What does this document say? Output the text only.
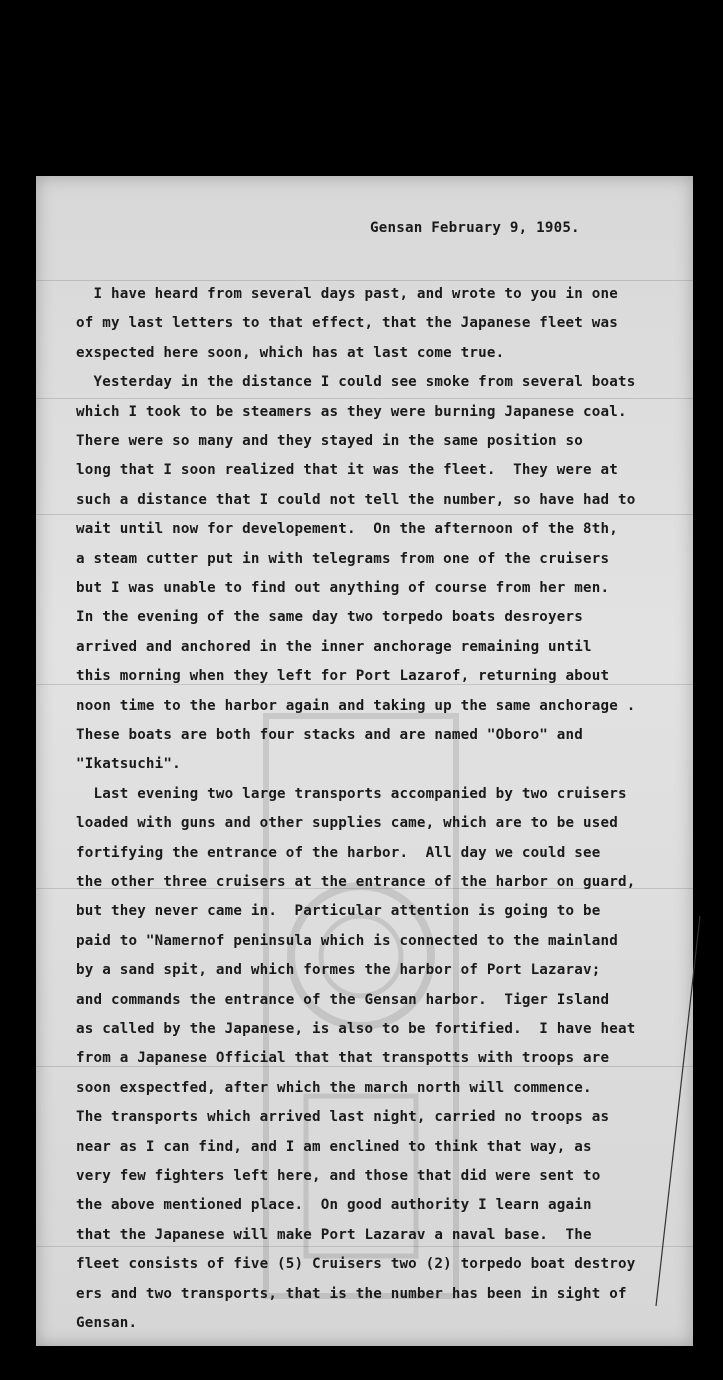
Gensan February 9, 1905.
I have heard from several days past, and wrote to you in one
of my last letters to that effect, that the Japanese fleet was
exspected here soon, which has at last come true.
Yesterday in the distance I could see smoke from several boats
which I took to be steamers as they were burning Japanese coal.
There were so many and they stayed in the same position so
long that I soon realized that it was the fleet.  They were at
such a distance that I could not tell the number, so have had to
wait until now for developement.  On the afternoon of the 8th,
a steam cutter put in with telegrams from one of the cruisers
but I was unable to find out anything of course from her men.
In the evening of the same day two torpedo boats desroyers
arrived and anchored in the inner anchorage remaining until
this morning when they left for Port Lazarof, returning about
noon time to the harbor again and taking up the same anchorage .
These boats are both four stacks and are named "Oboro" and
"Ikatsuchi".
Last evening two large transports accompanied by two cruisers
loaded with guns and other supplies came, which are to be used
fortifying the entrance of the harbor.  All day we could see
the other three cruisers at the entrance of the harbor on guard,
but they never came in.  Particular attention is going to be
paid to "Namernof peninsula which is connected to the mainland
by a sand spit, and which formes the harbor of Port Lazarav;
and commands the entrance of the Gensan harbor.  Tiger Island
as called by the Japanese, is also to be fortified.  I have heat
from a Japanese Official that that transpotts with troops are
soon exspectfed, after which the march north will commence.
The transports which arrived last night, carried no troops as
near as I can find, and I am enclined to think that way, as
very few fighters left here, and those that did were sent to
the above mentioned place.  On good authority I learn again
that the Japanese will make Port Lazarav a naval base.  The
fleet consists of five (5) Cruisers two (2) torpedo boat destroy
ers and two transports, that is the number has been in sight of
Gensan.
